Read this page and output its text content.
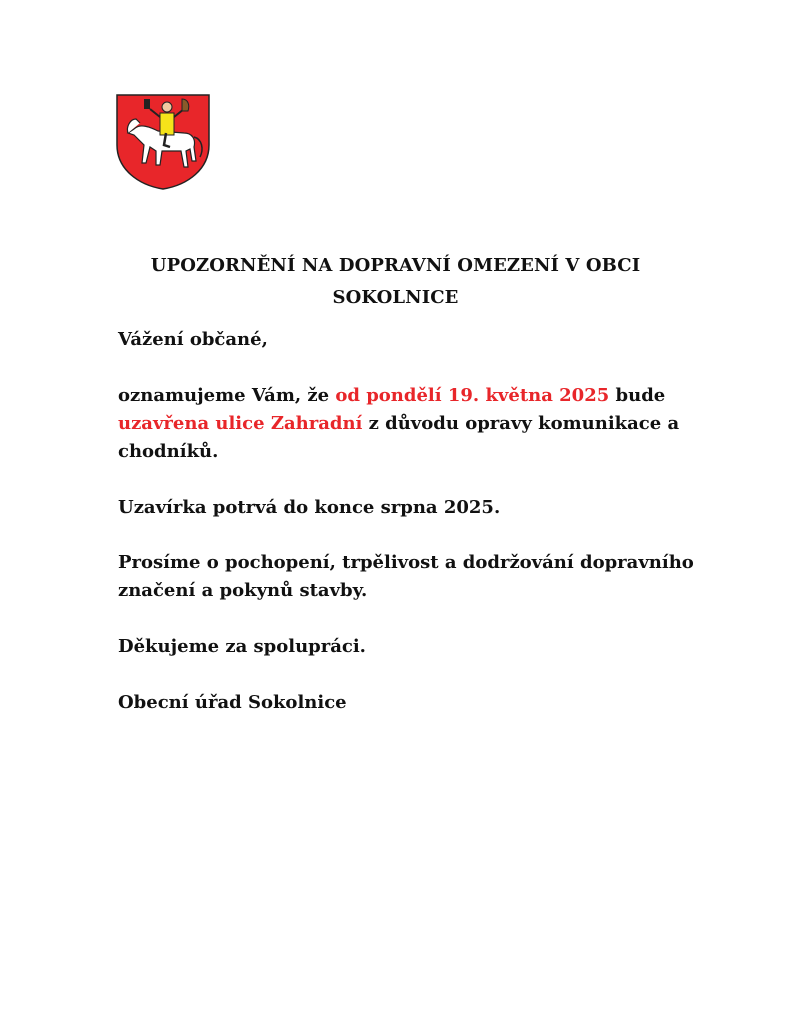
UPOZORNĚNÍ NA DOPRAVNÍ OMEZENÍ V OBCI
SOKOLNICE

Vážení občané,

oznamujeme Vám, že od pondělí 19. května 2025 bude

uzavřena ulice Zahradní z důvodu opravy komunikace a

chodníků.

Uzavírka potrvá do konce srpna 2025.

Prosíme o pochopení, trpělivost a dodržování dopravního

značení a pokynů stavby.

Děkujeme za spolupráci.

Obecní úřad Sokolnice
